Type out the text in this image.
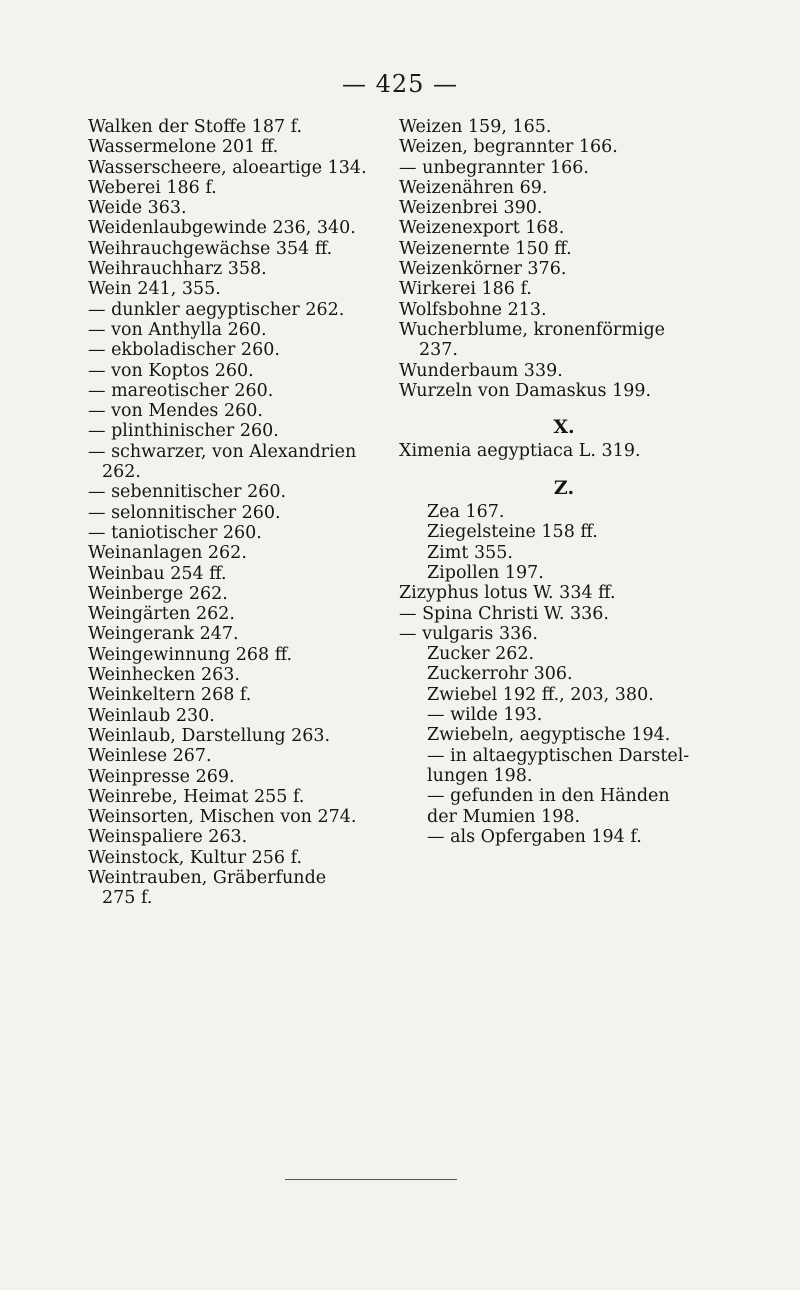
— 425 —
Walken der Stoffe 187 f.
Wassermelone 201 ff.
Wasserscheere, aloeartige 134.
Weberei 186 f.
Weide 363.
Weidenlaubgewinde 236, 340.
Weihrauchgewächse 354 ff.
Weihrauchharz 358.
Wein 241, 355.
— dunkler aegyptischer 262.
— von Anthylla 260.
— ekboladischer 260.
— von Koptos 260.
— mareotischer 260.
— von Mendes 260.
— plinthinischer 260.
— schwarzer, von Alexandrien
262.
— sebennitischer 260.
— selonnitischer 260.
— taniotischer 260.
Weinanlagen 262.
Weinbau 254 ff.
Weinberge 262.
Weingärten 262.
Weingerank 247.
Weingewinnung 268 ff.
Weinhecken 263.
Weinkeltern 268 f.
Weinlaub 230.
Weinlaub, Darstellung 263.
Weinlese 267.
Weinpresse 269.
Weinrebe, Heimat 255 f.
Weinsorten, Mischen von 274.
Weinspaliere 263.
Weinstock, Kultur 256 f.
Weintrauben, Gräberfunde
275 f.
Weizen 159, 165.
Weizen, begrannter 166.
— unbegrannter 166.
Weizenähren 69.
Weizenbrei 390.
Weizenexport 168.
Weizenernte 150 ff.
Weizenkörner 376.
Wirkerei 186 f.
Wolfsbohne 213.
Wucherblume, kronenförmige
237.
Wunderbaum 339.
Wurzeln von Damaskus 199.
X.
Ximenia aegyptiaca L. 319.
Z.
Zea 167.
Ziegelsteine 158 ff.
Zimt 355.
Zipollen 197.
Zizyphus lotus W. 334 ff.
— Spina Christi W. 336.
— vulgaris 336.
Zucker 262.
Zuckerrohr 306.
Zwiebel 192 ff., 203, 380.
— wilde 193.
Zwiebeln, aegyptische 194.
— in altaegyptischen Darstel-
lungen 198.
— gefunden in den Händen
der Mumien 198.
— als Opfergaben 194 f.
